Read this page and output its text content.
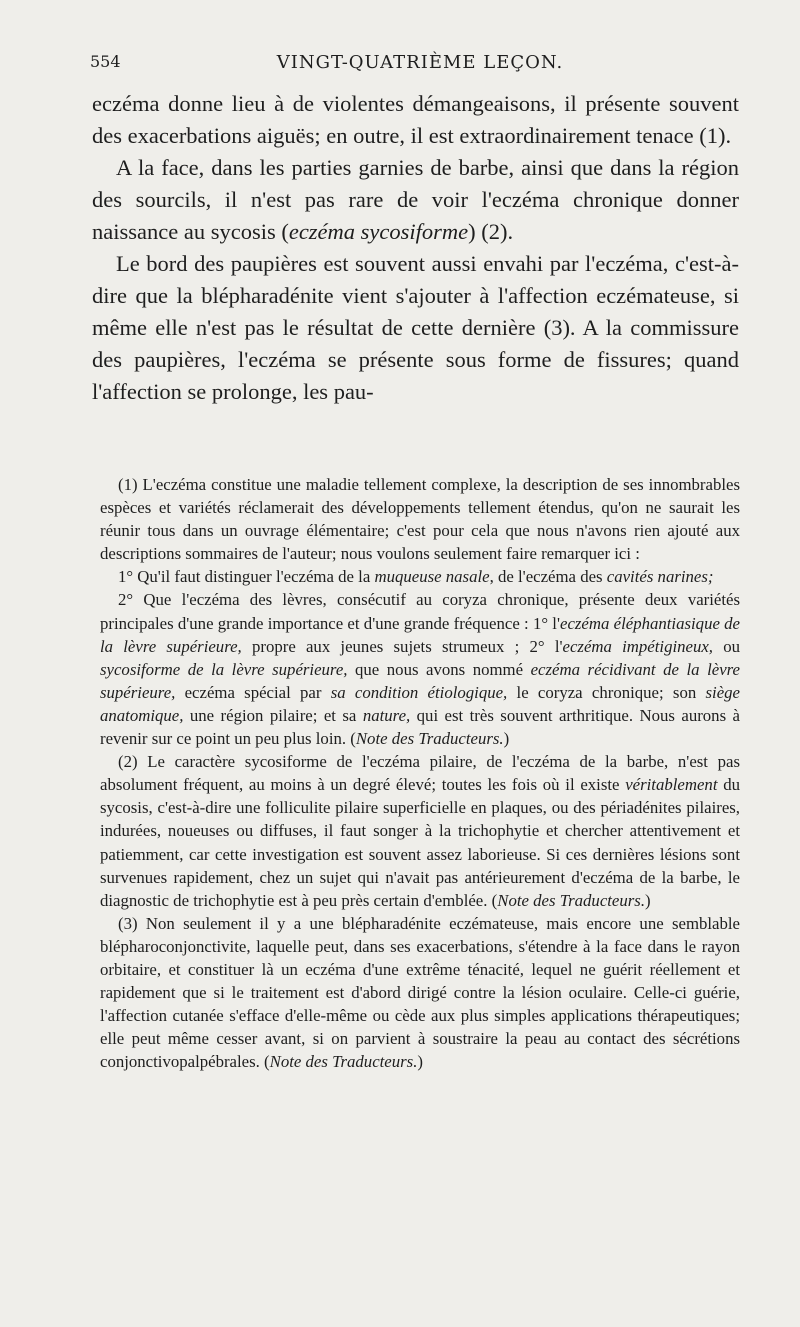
554	VINGT-QUATRIÈME LEÇON.

eczéma donne lieu à de violentes démangeaisons, il présente souvent des exacerbations aiguës; en outre, il est extraordinairement tenace (1).

A la face, dans les parties garnies de barbe, ainsi que dans la région des sourcils, il n'est pas rare de voir l'eczéma chronique donner naissance au sycosis (eczéma sycosiforme) (2).

Le bord des paupières est souvent aussi envahi par l'eczéma, c'est-à-dire que la blépharadénite vient s'ajouter à l'affection eczémateuse, si même elle n'est pas le résultat de cette dernière (3). A la commissure des paupières, l'eczéma se présente sous forme de fissures; quand l'affection se prolonge, les pau-

(1) L'eczéma constitue une maladie tellement complexe, la description de ses innombrables espèces et variétés réclamerait des développements tellement étendus, qu'on ne saurait les réunir tous dans un ouvrage élémentaire; c'est pour cela que nous n'avons rien ajouté aux descriptions sommaires de l'auteur; nous voulons seulement faire remarquer ici :

1° Qu'il faut distinguer l'eczéma de la muqueuse nasale, de l'eczéma des cavités narines;

2° Que l'eczéma des lèvres, consécutif au coryza chronique, présente deux variétés principales d'une grande importance et d'une grande fréquence : 1° l'eczéma éléphantiasique de la lèvre supérieure, propre aux jeunes sujets strumeux ; 2° l'eczéma impétigineux, ou sycosiforme de la lèvre supérieure, que nous avons nommé eczéma récidivant de la lèvre supérieure, eczéma spécial par sa condition étiologique, le coryza chronique; son siège anatomique, une région pilaire; et sa nature, qui est très souvent arthritique. Nous aurons à revenir sur ce point un peu plus loin. (Note des Traducteurs.)

(2) Le caractère sycosiforme de l'eczéma pilaire, de l'eczéma de la barbe, n'est pas absolument fréquent, au moins à un degré élevé; toutes les fois où il existe véritablement du sycosis, c'est-à-dire une folliculite pilaire superficielle en plaques, ou des périadénites pilaires, indurées, noueuses ou diffuses, il faut songer à la trichophytie et chercher attentivement et patiemment, car cette investigation est souvent assez laborieuse. Si ces dernières lésions sont survenues rapidement, chez un sujet qui n'avait pas antérieurement d'eczéma de la barbe, le diagnostic de trichophytie est à peu près certain d'emblée. (Note des Traducteurs.)

(3) Non seulement il y a une blépharadénite eczémateuse, mais encore une semblable blépharoconjonctivite, laquelle peut, dans ses exacerbations, s'étendre à la face dans le rayon orbitaire, et constituer là un eczéma d'une extrême ténacité, lequel ne guérit réellement et rapidement que si le traitement est d'abord dirigé contre la lésion oculaire. Celle-ci guérie, l'affection cutanée s'efface d'elle-même ou cède aux plus simples applications thérapeutiques; elle peut même cesser avant, si on parvient à soustraire la peau au contact des sécrétions conjonctivopalpébrales. (Note des Traducteurs.)
